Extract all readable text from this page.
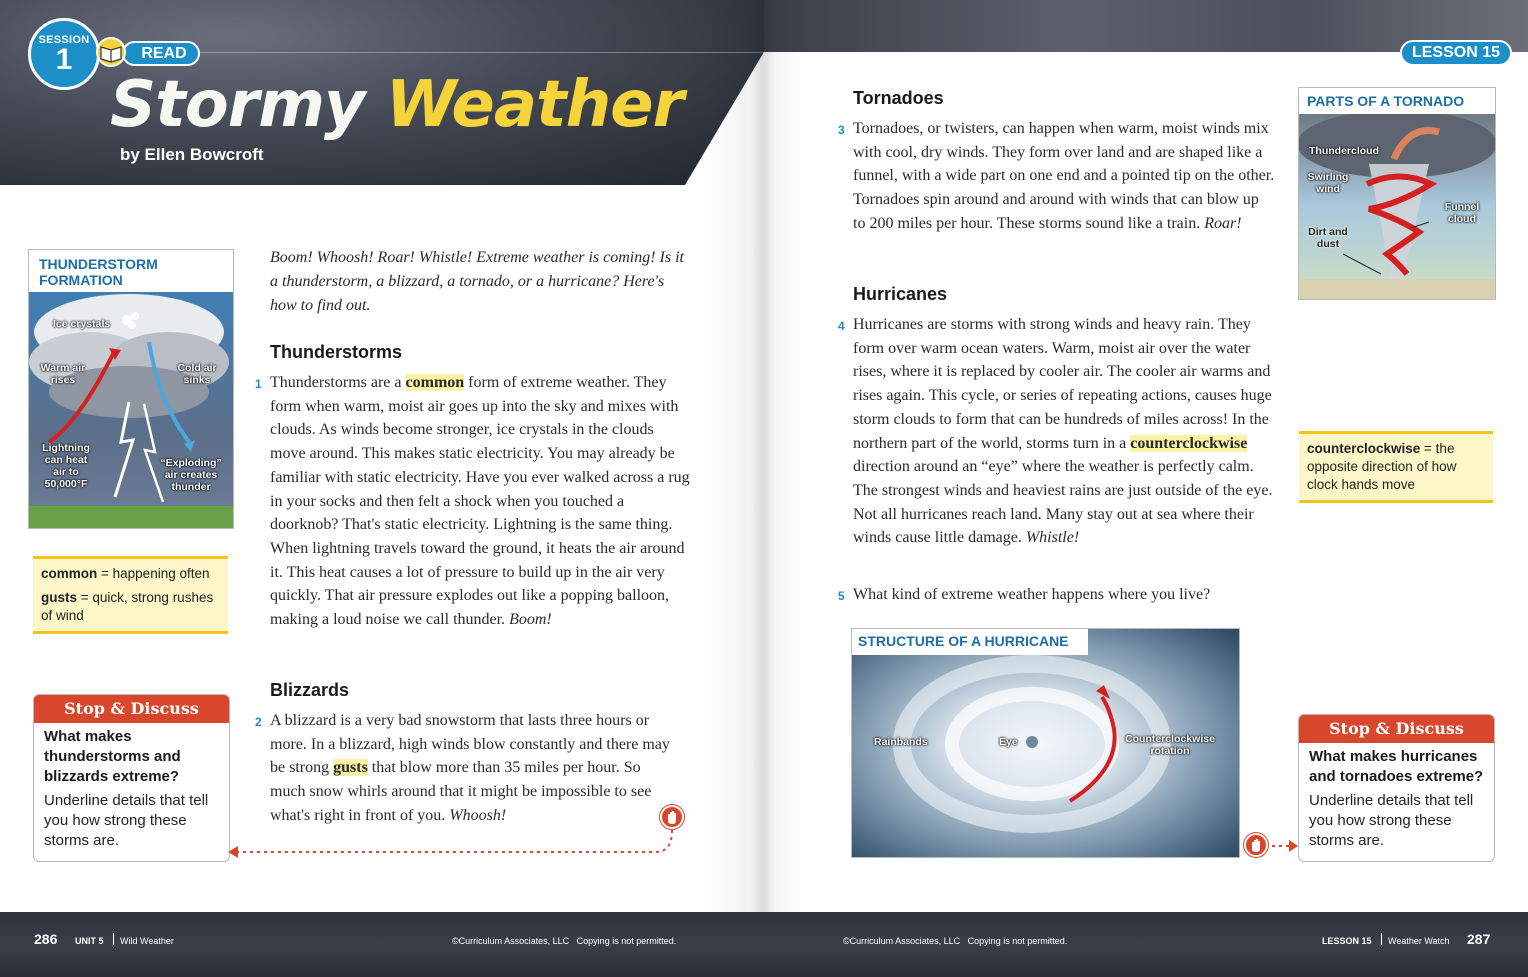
SESSION
1	READ
Stormy Weather
by Ellen Bowcroft
THUNDERSTORM
FORMATION
Ice crystals
Warm air
rises
Cold air
sinks
Lightning
can heat
air to
50,000°F
“Exploding”
air creates
thunder
common = happening often
gusts = quick, strong rushes of wind
Stop & Discuss
What makes thunderstorms and blizzards extreme?
Underline details that tell you how strong these storms are.
Boom! Whoosh! Roar! Whistle! Extreme weather is coming! Is it a thunderstorm, a blizzard, a tornado, or a hurricane? Here's how to find out.
Thunderstorms
1 Thunderstorms are a common form of extreme weather. They form when warm, moist air goes up into the sky and mixes with clouds. As winds become stronger, ice crystals in the clouds move around. This makes static electricity. You may already be familiar with static electricity. Have you ever walked across a rug in your socks and then felt a shock when you touched a doorknob? That's static electricity. Lightning is the same thing. When lightning travels toward the ground, it heats the air around it. This heat causes a lot of pressure to build up in the air very quickly. That air pressure explodes out like a popping balloon, making a loud noise we call thunder. Boom!
Blizzards
2 A blizzard is a very bad snowstorm that lasts three hours or more. In a blizzard, high winds blow constantly and there may be strong gusts that blow more than 35 miles per hour. So much snow whirls around that it might be impossible to see what's right in front of you. Whoosh!
LESSON 15
Tornadoes
3 Tornadoes, or twisters, can happen when warm, moist winds mix with cool, dry winds. They form over land and are shaped like a funnel, with a wide part on one end and a pointed tip on the other. Tornadoes spin around and around with winds that can blow up to 200 miles per hour. These storms sound like a train. Roar!
PARTS OF A TORNADO
Thundercloud
Swirling
wind
Funnel
cloud
Dirt and
dust
Hurricanes
4 Hurricanes are storms with strong winds and heavy rain. They form over warm ocean waters. Warm, moist air over the water rises, where it is replaced by cooler air. The cooler air warms and rises again. This cycle, or series of repeating actions, causes huge storm clouds to form that can be hundreds of miles across! In the northern part of the world, storms turn in a counterclockwise direction around an “eye” where the weather is perfectly calm. The strongest winds and heaviest rains are just outside of the eye. Not all hurricanes reach land. Many stay out at sea where their winds cause little damage. Whistle!
5 What kind of extreme weather happens where you live?
counterclockwise = the opposite direction of how clock hands move
STRUCTURE OF A HURRICANE
Rainbands	Eye	Counterclockwise
rotation
Stop & Discuss
What makes hurricanes and tornadoes extreme?
Underline details that tell you how strong these storms are.
286 UNIT 5 Wild Weather	©Curriculum Associates, LLC   Copying is not permitted.	©Curriculum Associates, LLC   Copying is not permitted.	LESSON 15 Weather Watch 287
